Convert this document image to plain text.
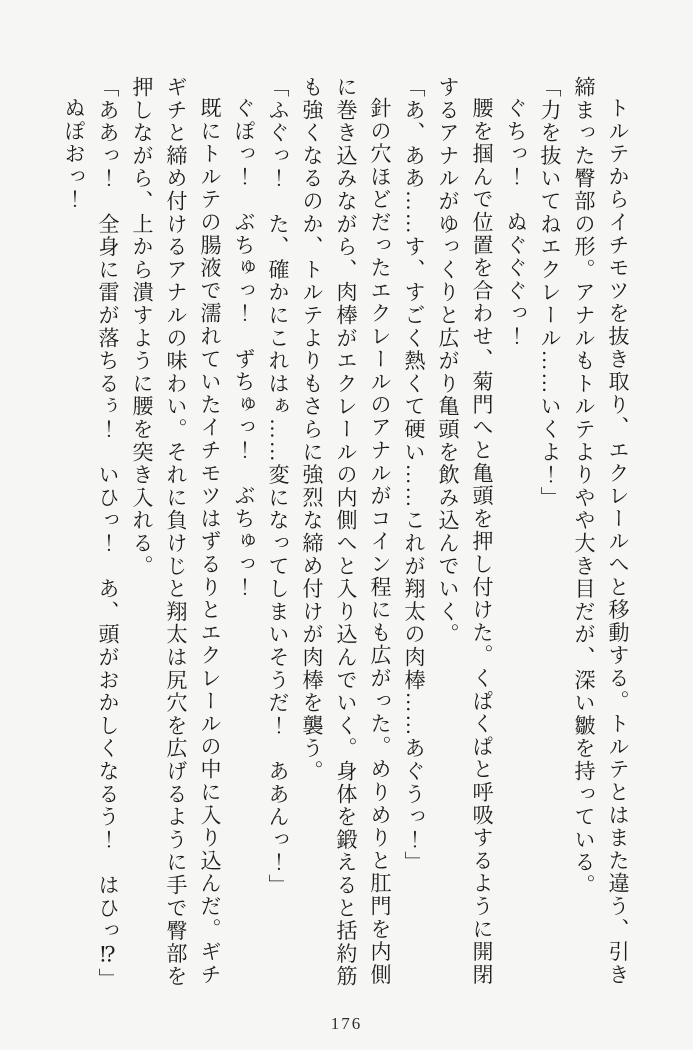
トルテからイチモツを抜き取り、エクレールへと移動する。トルテとはまた違う、引き締まった臀部の形。アナルもトルテよりやや大き目だが、深い皺を持っている。

「力を抜いてねエクレール……いくよ！」

ぐちっ！　ぬぐぐぐっ！

腰を掴んで位置を合わせ、菊門へと亀頭を押し付けた。くぱくぱと呼吸するように開閉するアナルがゆっくりと広がり亀頭を飲み込んでいく。

「あ、ああ……す、すごく熱くて硬い……これが翔太の肉棒……あぐうっ！」

針の穴ほどだったエクレールのアナルがコイン程にも広がった。めりめりと肛門を内側に巻き込みながら、肉棒がエクレールの内側へと入り込んでいく。身体を鍛えると括約筋も強くなるのか、トルテよりもさらに強烈な締め付けが肉棒を襲う。

「ふぐっ！　た、確かにこれはぁ……変になってしまいそうだ！　ああんっ！」

ぐぽっ！　ぶちゅっ！　ずちゅっ！　ぶちゅっ！

既にトルテの腸液で濡れていたイチモツはずるりとエクレールの中に入り込んだ。ギチギチと締め付けるアナルの味わい。それに負けじと翔太は尻穴を広げるように手で臀部を押しながら、上から潰すように腰を突き入れる。

「ああっ！　全身に雷が落ちるぅ！　いひっ！　あ、頭がおかしくなるう！　はひっ⁉」

ぬぽおっ！

176
